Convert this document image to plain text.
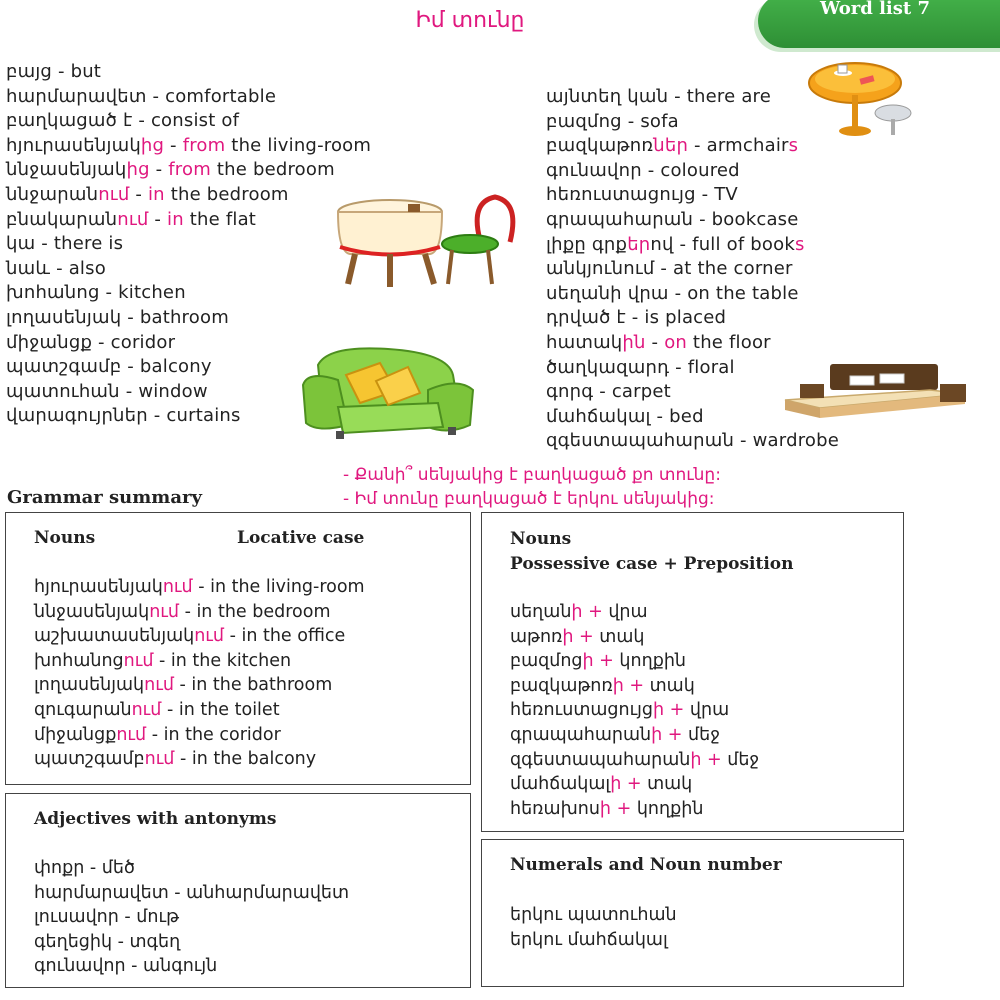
Իմ տունը	Word list 7
բայց - but
հարմարավետ - comfortable
բաղկացած է - consist of
հյուրասենյակից - from the living-room
ննջասենյակից - from the bedroom
ննջարանում - in the bedroom
բնակարանում - in the flat
կա - there is
նաև - also
խոհանոց - kitchen
լողասենյակ - bathroom
միջանցք - coridor
պատշգամբ - balcony
պատուհան - window
վարագույրներ - curtains
այնտեղ կան - there are
բազմոց - sofa
բազկաթոռներ - armchairs
գունավոր - coloured
հեռուստացույց - TV
գրապահարան - bookcase
լիքը գրքերով - full of books
անկյունում - at the corner
սեղանի վրա - on the table
դրված է - is placed
հատակին - on the floor
ծաղկազարդ - floral
գորգ - carpet
մահճակալ - bed
զգեստապահարան - wardrobe
- Քանի՞ սենյակից է բաղկացած քո տունը:
- Իմ տունը բաղկացած է երկու սենյակից:
Grammar summary
Nouns	Locative case
հյուրասենյակում - in the living-room
ննջասենյակում - in the bedroom
աշխատասենյակում - in the office
խոհանոցում - in the kitchen
լողասենյակում - in the bathroom
զուգարանում - in the toilet
միջանցքում - in the coridor
պատշգամբում - in the balcony
Nouns
Possessive case + Preposition
սեղանի + վրա
աթոռի + տակ
բազմոցի + կողքին
բազկաթոռի + տակ
հեռուստացույցի + վրա
գրապահարանի + մեջ
զգեստապահարանի + մեջ
մահճակալի + տակ
հեռախոսի + կողքին
Adjectives with antonyms
փոքր - մեծ
հարմարավետ - անհարմարավետ
լուսավոր - մութ
գեղեցիկ - տգեղ
գունավոր - անգույն
Numerals and Noun number
երկու պատուհան
երկու մահճակալ
